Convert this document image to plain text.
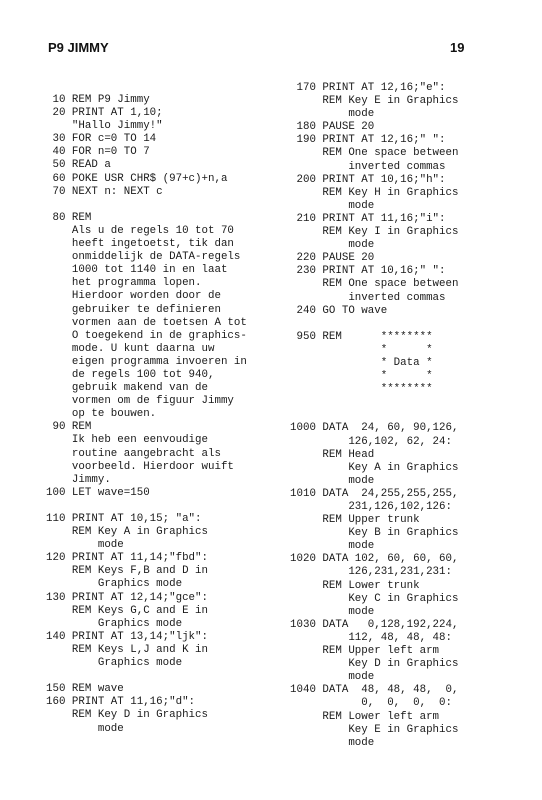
P9 JIMMY	19
10 REM P9 Jimmy
20 PRINT AT 1,10;
"Hallo Jimmy!"
30 FOR c=0 TO 14
40 FOR n=0 TO 7
50 READ a
60 POKE USR CHR$ (97+c)+n,a
70 NEXT n: NEXT c

80 REM
Als u de regels 10 tot 70
heeft ingetoetst, tik dan
onmiddelijk de DATA-regels
1000 tot 1140 in en laat
het programma lopen.
Hierdoor worden door de
gebruiker te definieren
vormen aan de toetsen A tot
O toegekend in de graphics-
mode. U kunt daarna uw
eigen programma invoeren in
de regels 100 tot 940,
gebruik makend van de
vormen om de figuur Jimmy
op te bouwen.
90 REM
Ik heb een eenvoudige
routine aangebracht als
voorbeeld. Hierdoor wuift
Jimmy.
100 LET wave=150

110 PRINT AT 10,15; "a":
REM Key A in Graphics
mode
120 PRINT AT 11,14;"fbd":
REM Keys F,B and D in
Graphics mode
130 PRINT AT 12,14;"gce":
REM Keys G,C and E in
Graphics mode
140 PRINT AT 13,14;"ljk":
REM Keys L,J and K in
Graphics mode

150 REM wave
160 PRINT AT 11,16;"d":
REM Key D in Graphics
mode
170 PRINT AT 12,16;"e":
REM Key E in Graphics
mode
180 PAUSE 20
190 PRINT AT 12,16;" ":
REM One space between
inverted commas
200 PRINT AT 10,16;"h":
REM Key H in Graphics
mode
210 PRINT AT 11,16;"i":
REM Key I in Graphics
mode
220 PAUSE 20
230 PRINT AT 10,16;" ":
REM One space between
inverted commas
240 GO TO wave

950 REM      ********
*      *
* Data *
*      *
********

1000 DATA  24, 60, 90,126,
126,102, 62, 24:
REM Head
Key A in Graphics
mode
1010 DATA  24,255,255,255,
231,126,102,126:
REM Upper trunk
Key B in Graphics
mode
1020 DATA 102, 60, 60, 60,
126,231,231,231:
REM Lower trunk
Key C in Graphics
mode
1030 DATA   0,128,192,224,
112, 48, 48, 48:
REM Upper left arm
Key D in Graphics
mode
1040 DATA  48, 48, 48,  0,
0,  0,  0,  0:
REM Lower left arm
Key E in Graphics
mode
